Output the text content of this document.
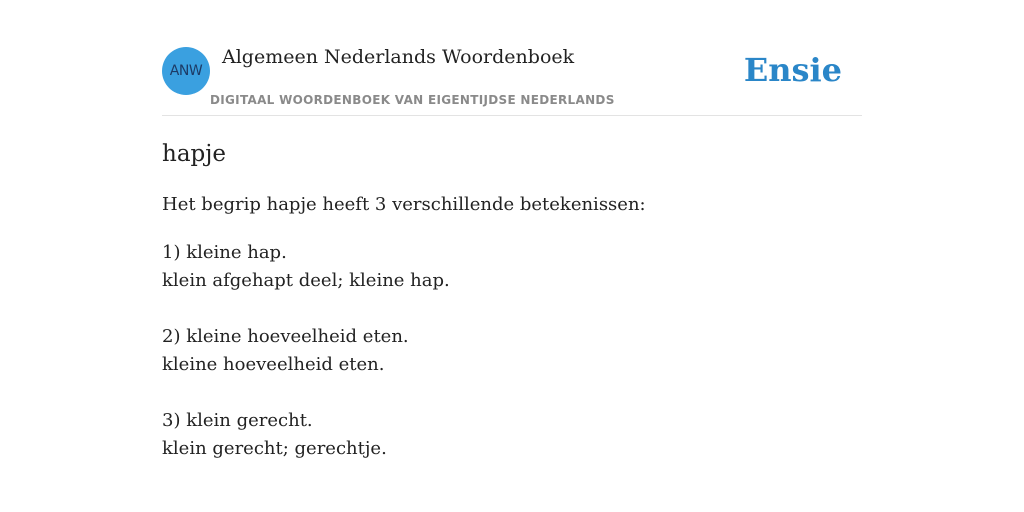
ANW
Algemeen Nederlands Woordenboek
DIGITAAL WOORDENBOEK VAN EIGENTIJDSE NEDERLANDS
Ensie
hapje

Het begrip hapje heeft 3 verschillende betekenissen:

1) kleine hap.
klein afgehapt deel; kleine hap.
2) kleine hoeveelheid eten.
kleine hoeveelheid eten.
3) klein gerecht.
klein gerecht; gerechtje.
